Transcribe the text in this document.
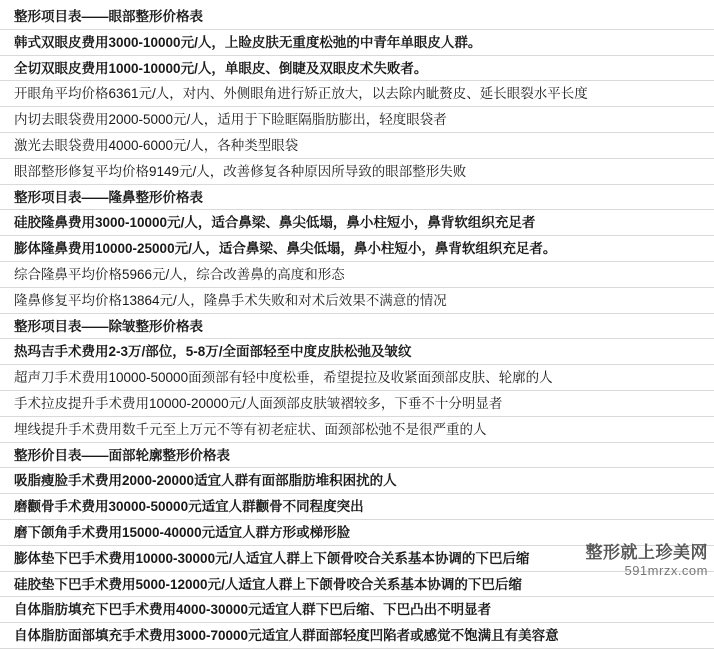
整形项目表——眼部整形价格表
韩式双眼皮费用3000-10000元/人，上睑皮肤无重度松弛的中青年单眼皮人群。
全切双眼皮费用1000-10000元/人，单眼皮、倒睫及双眼皮术失败者。
开眼角平均价格6361元/人，对内、外侧眼角进行矫正放大，以去除内眦赘皮、延长眼裂水平长度
内切去眼袋费用2000-5000元/人，适用于下睑眶隔脂肪膨出，轻度眼袋者
激光去眼袋费用4000-6000元/人，各种类型眼袋
眼部整形修复平均价格9149元/人，改善修复各种原因所导致的眼部整形失败
整形项目表——隆鼻整形价格表
硅胶隆鼻费用3000-10000元/人，适合鼻梁、鼻尖低塌，鼻小柱短小，鼻背软组织充足者
膨体隆鼻费用10000-25000元/人，适合鼻梁、鼻尖低塌，鼻小柱短小，鼻背软组织充足者。
综合隆鼻平均价格5966元/人，综合改善鼻的高度和形态
隆鼻修复平均价格13864元/人，隆鼻手术失败和对术后效果不满意的情况
整形项目表——除皱整形价格表
热玛吉手术费用2-3万/部位，5-8万/全面部轻至中度皮肤松弛及皱纹
超声刀手术费用10000-50000面颈部有轻中度松垂，希望提拉及收紧面颈部皮肤、轮廓的人
手术拉皮提升手术费用10000-20000元/人面颈部皮肤皱褶较多，下垂不十分明显者
埋线提升手术费用数千元至上万元不等有初老症状、面颈部松弛不是很严重的人
整形价目表——面部轮廓整形价格表
吸脂瘦脸手术费用2000-20000适宜人群有面部脂肪堆积困扰的人
磨颧骨手术费用30000-50000元适宜人群颧骨不同程度突出
磨下颌角手术费用15000-40000元适宜人群方形或梯形脸
膨体垫下巴手术费用10000-30000元/人适宜人群上下颌骨咬合关系基本协调的下巴后缩
硅胶垫下巴手术费用5000-12000元/人适宜人群上下颌骨咬合关系基本协调的下巴后缩
自体脂肪填充下巴手术费用4000-30000元适宜人群下巴后缩、下巴凸出不明显者
自体脂肪面部填充手术费用3000-70000元适宜人群面部轻度凹陷者或感觉不饱满且有美容意
整形就上珍美网
591mrzx.com
